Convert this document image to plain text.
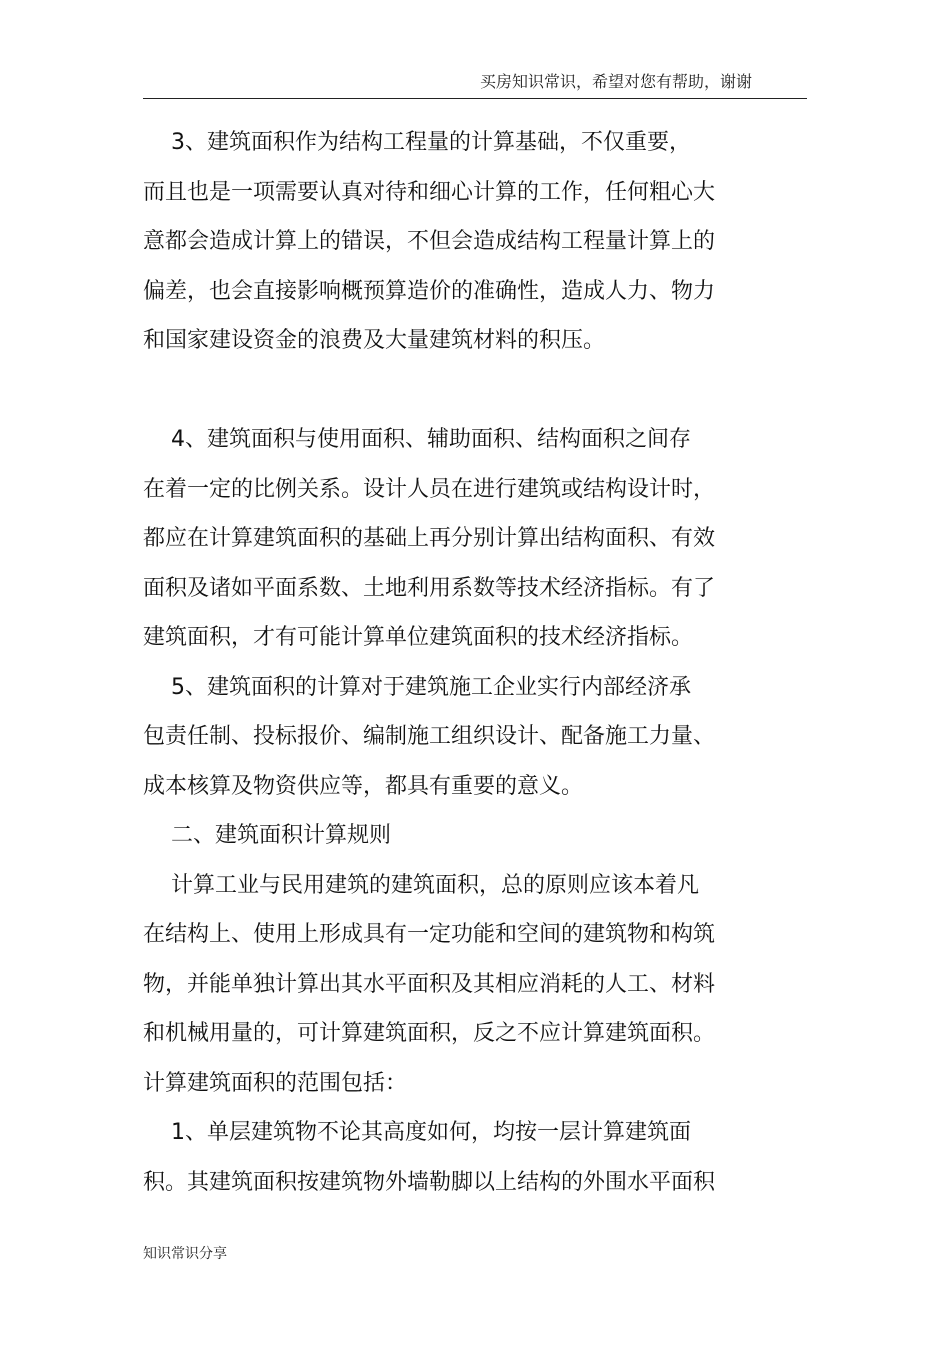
买房知识常识，希望对您有帮助，谢谢
3、建筑面积作为结构工程量的计算基础，不仅重要，
而且也是一项需要认真对待和细心计算的工作，任何粗心大
意都会造成计算上的错误，不但会造成结构工程量计算上的
偏差，也会直接影响概预算造价的准确性，造成人力、物力
和国家建设资金的浪费及大量建筑材料的积压。
4、建筑面积与使用面积、辅助面积、结构面积之间存
在着一定的比例关系。设计人员在进行建筑或结构设计时，
都应在计算建筑面积的基础上再分别计算出结构面积、有效
面积及诸如平面系数、土地利用系数等技术经济指标。有了
建筑面积，才有可能计算单位建筑面积的技术经济指标。
5、建筑面积的计算对于建筑施工企业实行内部经济承
包责任制、投标报价、编制施工组织设计、配备施工力量、
成本核算及物资供应等，都具有重要的意义。
二、建筑面积计算规则
计算工业与民用建筑的建筑面积，总的原则应该本着凡
在结构上、使用上形成具有一定功能和空间的建筑物和构筑
物，并能单独计算出其水平面积及其相应消耗的人工、材料
和机械用量的，可计算建筑面积，反之不应计算建筑面积。
计算建筑面积的范围包括：
1、单层建筑物不论其高度如何，均按一层计算建筑面
积。其建筑面积按建筑物外墙勒脚以上结构的外围水平面积
知识常识分享
